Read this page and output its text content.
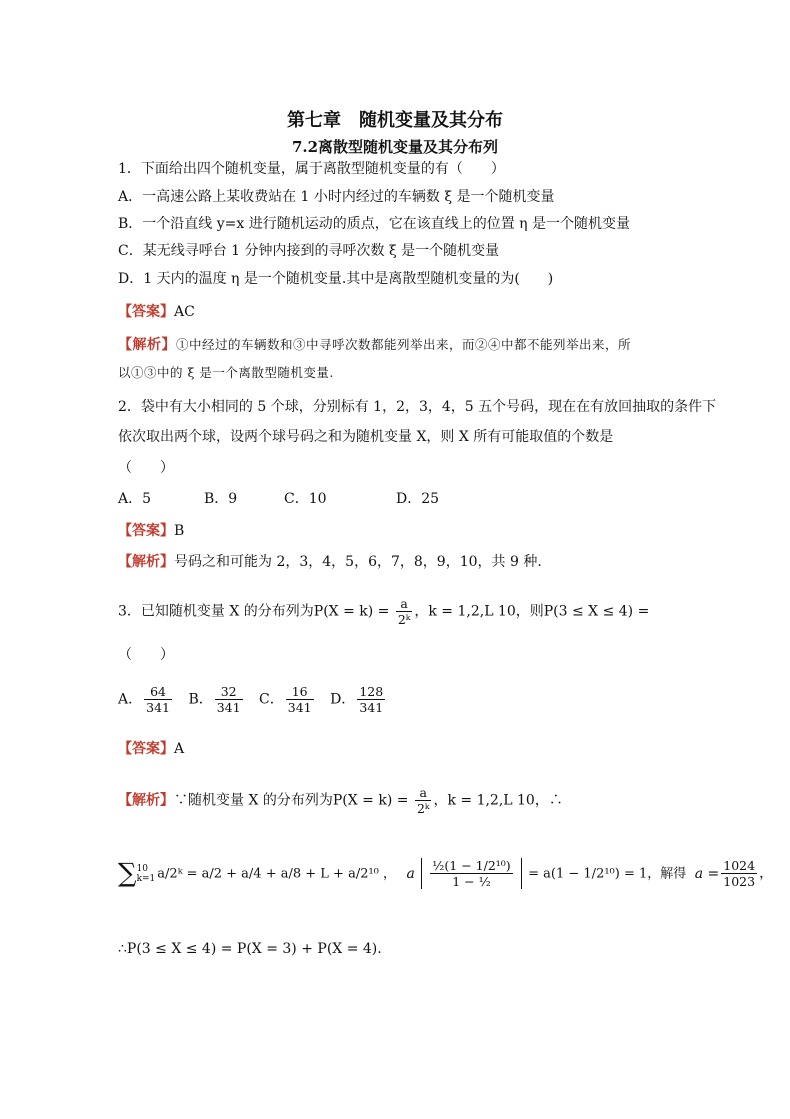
第七章　随机变量及其分布
7.2离散型随机变量及其分布列
1．下面给出四个随机变量，属于离散型随机变量的有（　　）
A．一高速公路上某收费站在 1 小时内经过的车辆数 ξ 是一个随机变量
B．一个沿直线 y=x 进行随机运动的质点，它在该直线上的位置 η 是一个随机变量
C．某无线寻呼台 1 分钟内接到的寻呼次数 ξ 是一个随机变量
D．1 天内的温度 η 是一个随机变量.其中是离散型随机变量的为(　　)
【答案】AC
【解析】①中经过的车辆数和③中寻呼次数都能列举出来，而②④中都不能列举出来，所
以①③中的 ξ 是一个离散型随机变量.
2．袋中有大小相同的 5 个球，分别标有 1，2，3，4，5 五个号码，现在在有放回抽取的条件下
依次取出两个球，设两个球号码之和为随机变量 X，则 X 所有可能取值的个数是
（　　）
A．5	B．9	C．10	D．25
【答案】B
【解析】号码之和可能为 2，3，4，5，6，7，8，9，10，共 9 种.
3．已知随机变量 X 的分布列为$P(X = k) = \frac{a}{\text{2ᵏ}}$ ，k = 1,2,L 10，则P(3 ≤ X ≤ 4) =
（　　）
A． $\frac{64}{341}$ B． $\frac{32}{341}$ C． $\frac{16}{341}$ D． $\frac{128}{341}$
【答案】A
【解析】∵随机变量 X 的分布列为$P(X = k) = \frac{a}{\text{2ᵏ}}$ ，k = 1,2,L 10，∴
∑ 10
k=1 a/2ᵏ = a/2 + a/4 + a/8 + L + a/2¹⁰ ， a $\frac{\text{½(1 − 1/2¹⁰)}}{\text{1 − ½}} = a(1 - 1/2^{10}) = 1$，解得 $a = \frac{1024}{1023}$ ，
∴P(3 ≤ X ≤ 4) = P(X = 3) + P(X = 4).
